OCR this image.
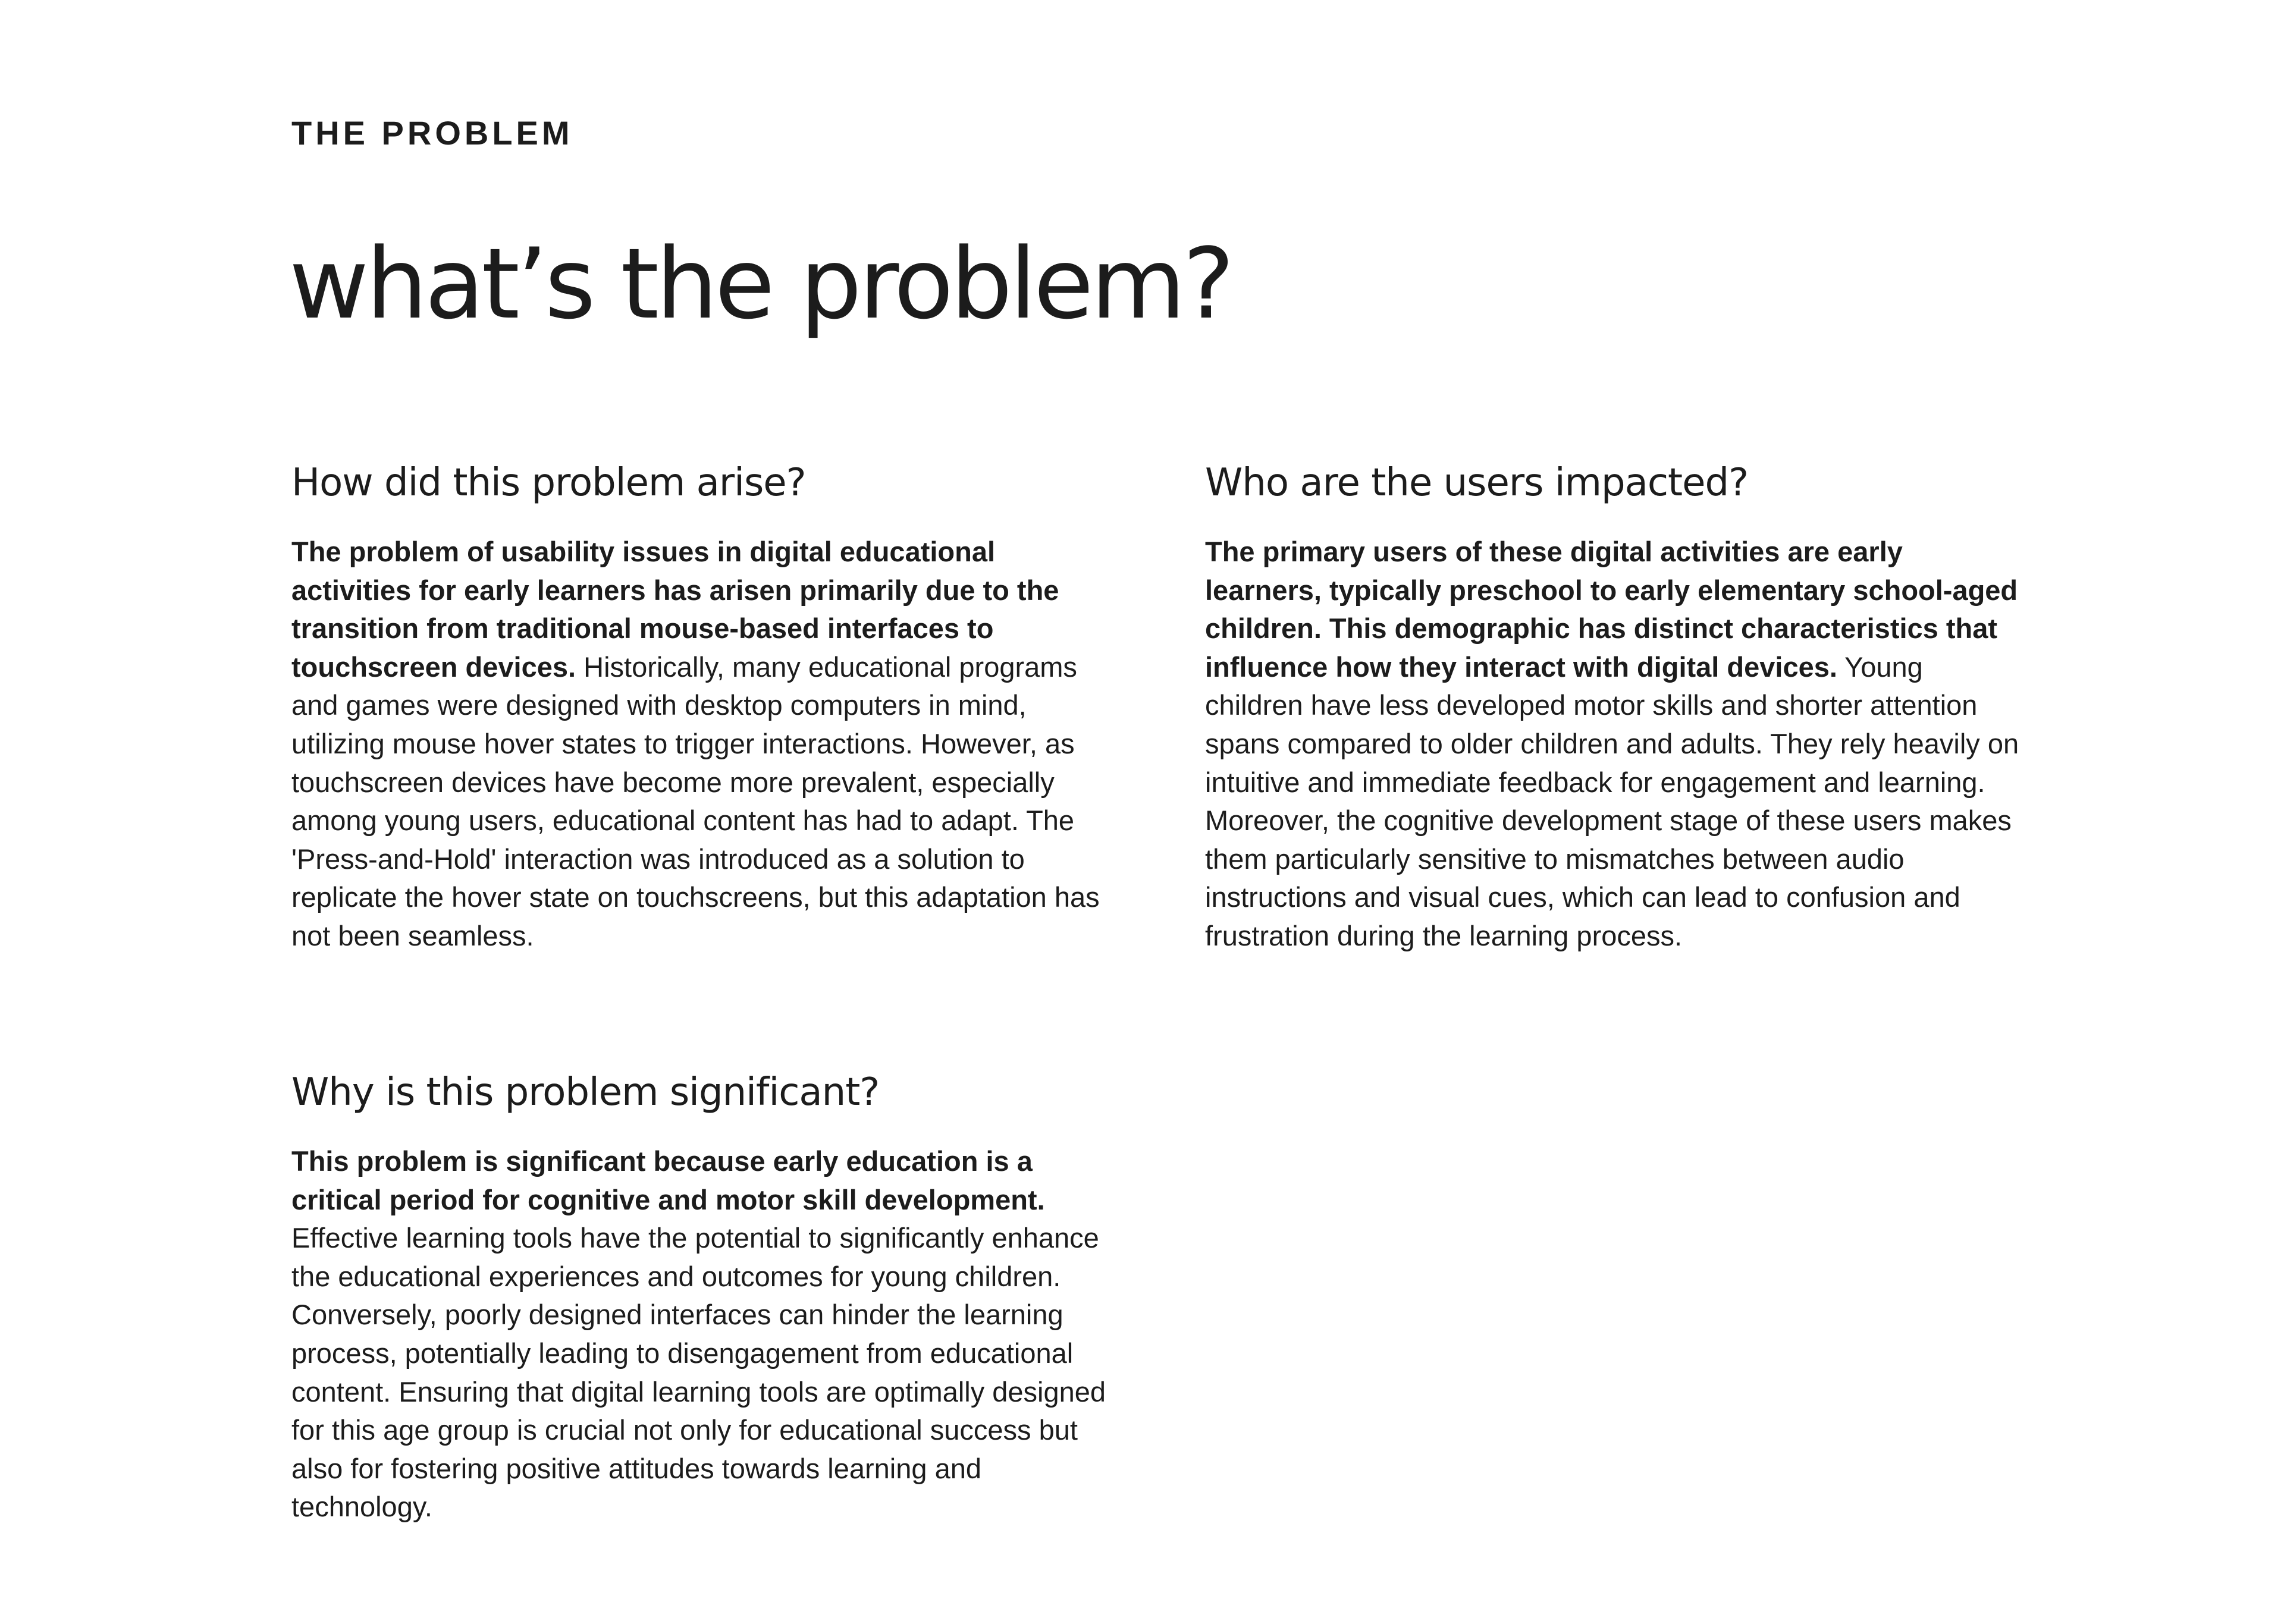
THE PROBLEM
what’s the problem?
How did this problem arise?

The problem of usability issues in digital educational activities for early learners has arisen primarily due to the transition from traditional mouse-based interfaces to touchscreen devices. Historically, many educational programs and games were designed with desktop computers in mind, utilizing mouse hover states to trigger interactions. However, as touchscreen devices have become more prevalent, especially among young users, educational content has had to adapt. The 'Press-and-Hold' interaction was introduced as a solution to replicate the hover state on touchscreens, but this adaptation has not been seamless.

Who are the users impacted?

The primary users of these digital activities are early learners, typically preschool to early elementary school-aged children. This demographic has distinct characteristics that influence how they interact with digital devices. Young children have less developed motor skills and shorter attention spans compared to older children and adults. They rely heavily on intuitive and immediate feedback for engagement and learning. Moreover, the cognitive development stage of these users makes them particularly sensitive to mismatches between audio instructions and visual cues, which can lead to confusion and frustration during the learning process.

Why is this problem significant?

This problem is significant because early education is a critical period for cognitive and motor skill development. Effective learning tools have the potential to significantly enhance the educational experiences and outcomes for young children. Conversely, poorly designed interfaces can hinder the learning process, potentially leading to disengagement from educational content. Ensuring that digital learning tools are optimally designed for this age group is crucial not only for educational success but also for fostering positive attitudes towards learning and technology.
